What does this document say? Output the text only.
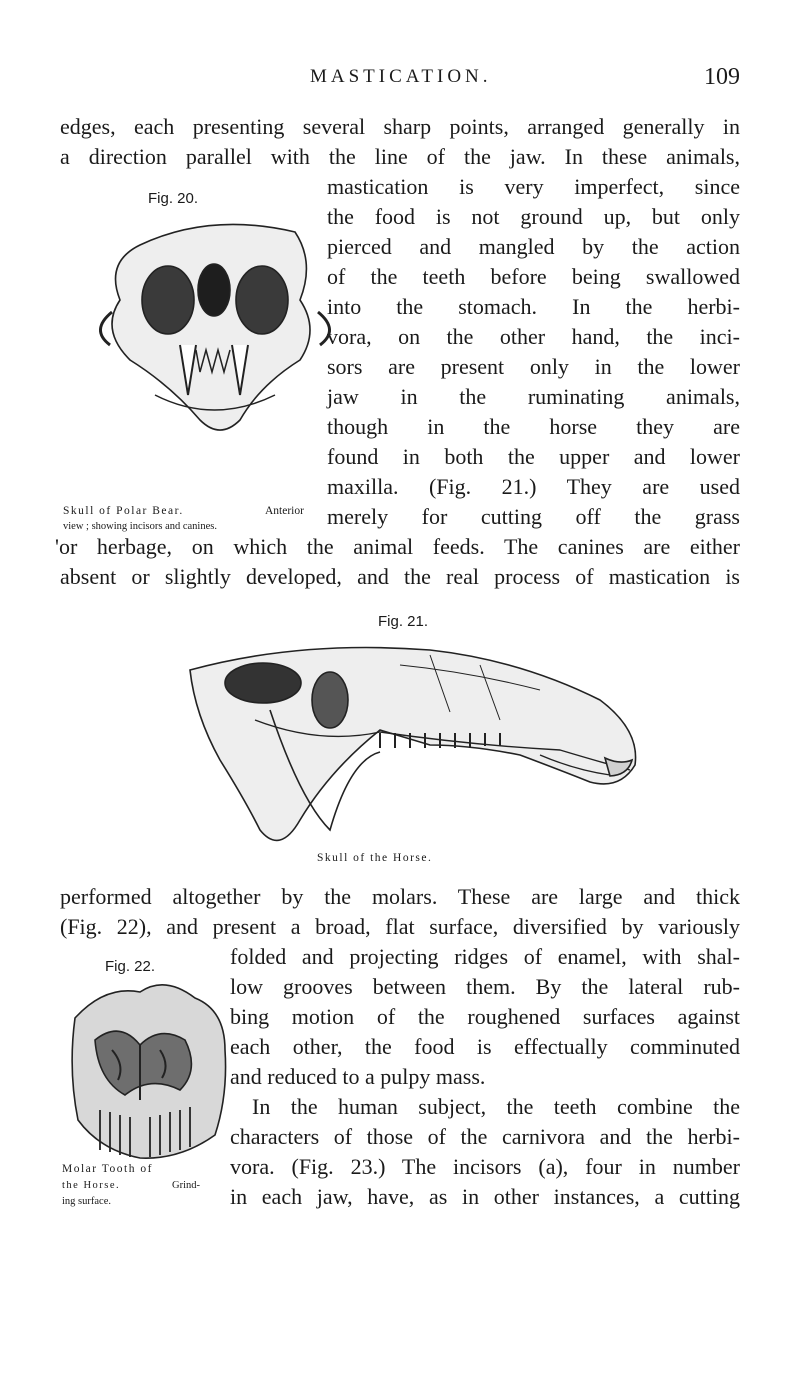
MASTICATION.	109
edges, each presenting several sharp points, arranged generally in
a direction parallel with the line of the jaw. In these animals,
mastication is very imperfect, since
the food is not ground up, but only
pierced and mangled by the action
of the teeth before being swallowed
into the stomach. In the herbi-
vora, on the other hand, the inci-
sors are present only in the lower
jaw in the ruminating animals,
though in the horse they are
found in both the upper and lower
maxilla. (Fig. 21.) They are used
merely for cutting off the grass
'or herbage, on which the animal feeds. The canines are either
absent or slightly developed, and the real process of mastication is
Fig. 20.
Skull of Polar Bear.	Anterior
view ; showing incisors and canines.
Fig. 21.
Skull of the Horse.
performed altogether by the molars. These are large and thick
(Fig. 22), and present a broad, flat surface, diversified by variously
folded and projecting ridges of enamel, with shal-
low grooves between them. By the lateral rub-
bing motion of the roughened surfaces against
each other, the food is effectually comminuted
and reduced to a pulpy mass.
In the human subject, the teeth combine the
characters of those of the carnivora and the herbi-
vora. (Fig. 23.) The incisors (a), four in number
in each jaw, have, as in other instances, a cutting
Fig. 22.
Molar Tooth of
the Horse.	Grind-
ing surface.
